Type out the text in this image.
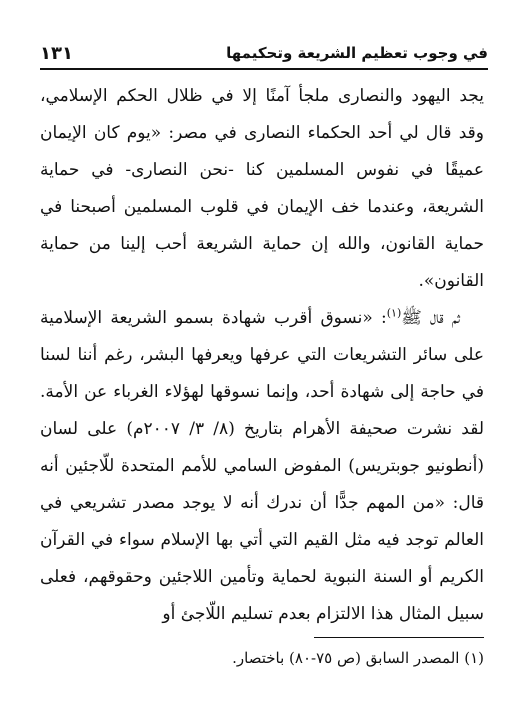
في وجوب تعظيم الشريعة وتحكيمها
١٣١

يجد اليهود والنصارى ملجأ آمنًا إلا في ظلال الحكم الإسلامي، وقد قال لي أحد الحكماء النصارى في مصر: «يوم كان الإيمان عميقًا في نفوس المسلمين كنا -نحن النصارى- في حماية الشريعة، وعندما خف الإيمان في قلوب المسلمين أصبحنا في حماية القانون، والله إن حماية الشريعة أحب إلينا من حماية القانون».

ثم قال ﷺ$^{(١)}$: «نسوق أقرب شهادة بسمو الشريعة الإسلامية على سائر التشريعات التي عرفها ويعرفها البشر، رغم أننا لسنا في حاجة إلى شهادة أحد، وإنما نسوقها لهؤلاء الغرباء عن الأمة. لقد نشرت صحيفة الأهرام بتاريخ (٨/ ٣/ ٢٠٠٧م) على لسان (أنطونيو جوبتريس) المفوض السامي للأمم المتحدة للّاجئين أنه قال: «من المهم جدًّا أن ندرك أنه لا يوجد مصدر تشريعي في العالم توجد فيه مثل القيم التي أتي بها الإسلام سواء في القرآن الكريم أو السنة النبوية لحماية وتأمين اللاجئين وحقوقهم، فعلى سبيل المثال هذا الالتزام بعدم تسليم اللّاجئ أو

(١) المصدر السابق (ص ٧٥-٨٠) باختصار.
